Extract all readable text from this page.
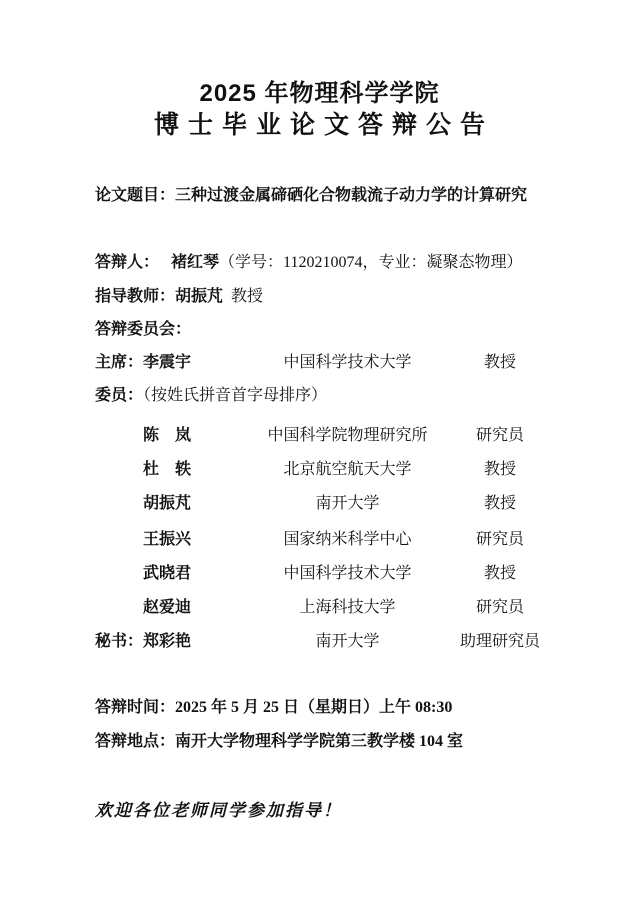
2025 年物理科学学院
博士毕业论文答辩公告
论文题目：三种过渡金属碲硒化合物载流子动力学的计算研究
答辩人： 褚红琴（学号：1120210074，专业：凝聚态物理）
指导教师：胡振芃 教授
答辩委员会：
主席：李震宇	中国科学技术大学	教授
委员：（按姓氏拼音首字母排序）
陈　岚	中国科学院物理研究所	研究员
杜　轶	北京航空航天大学	教授
胡振芃	南开大学	教授
王振兴	国家纳米科学中心	研究员
武晓君	中国科学技术大学	教授
赵爱迪	上海科技大学	研究员
秘书：郑彩艳	南开大学	助理研究员
答辩时间：2025 年 5 月 25 日（星期日）上午 08:30
答辩地点：南开大学物理科学学院第三教学楼 104 室
欢迎各位老师同学参加指导！
